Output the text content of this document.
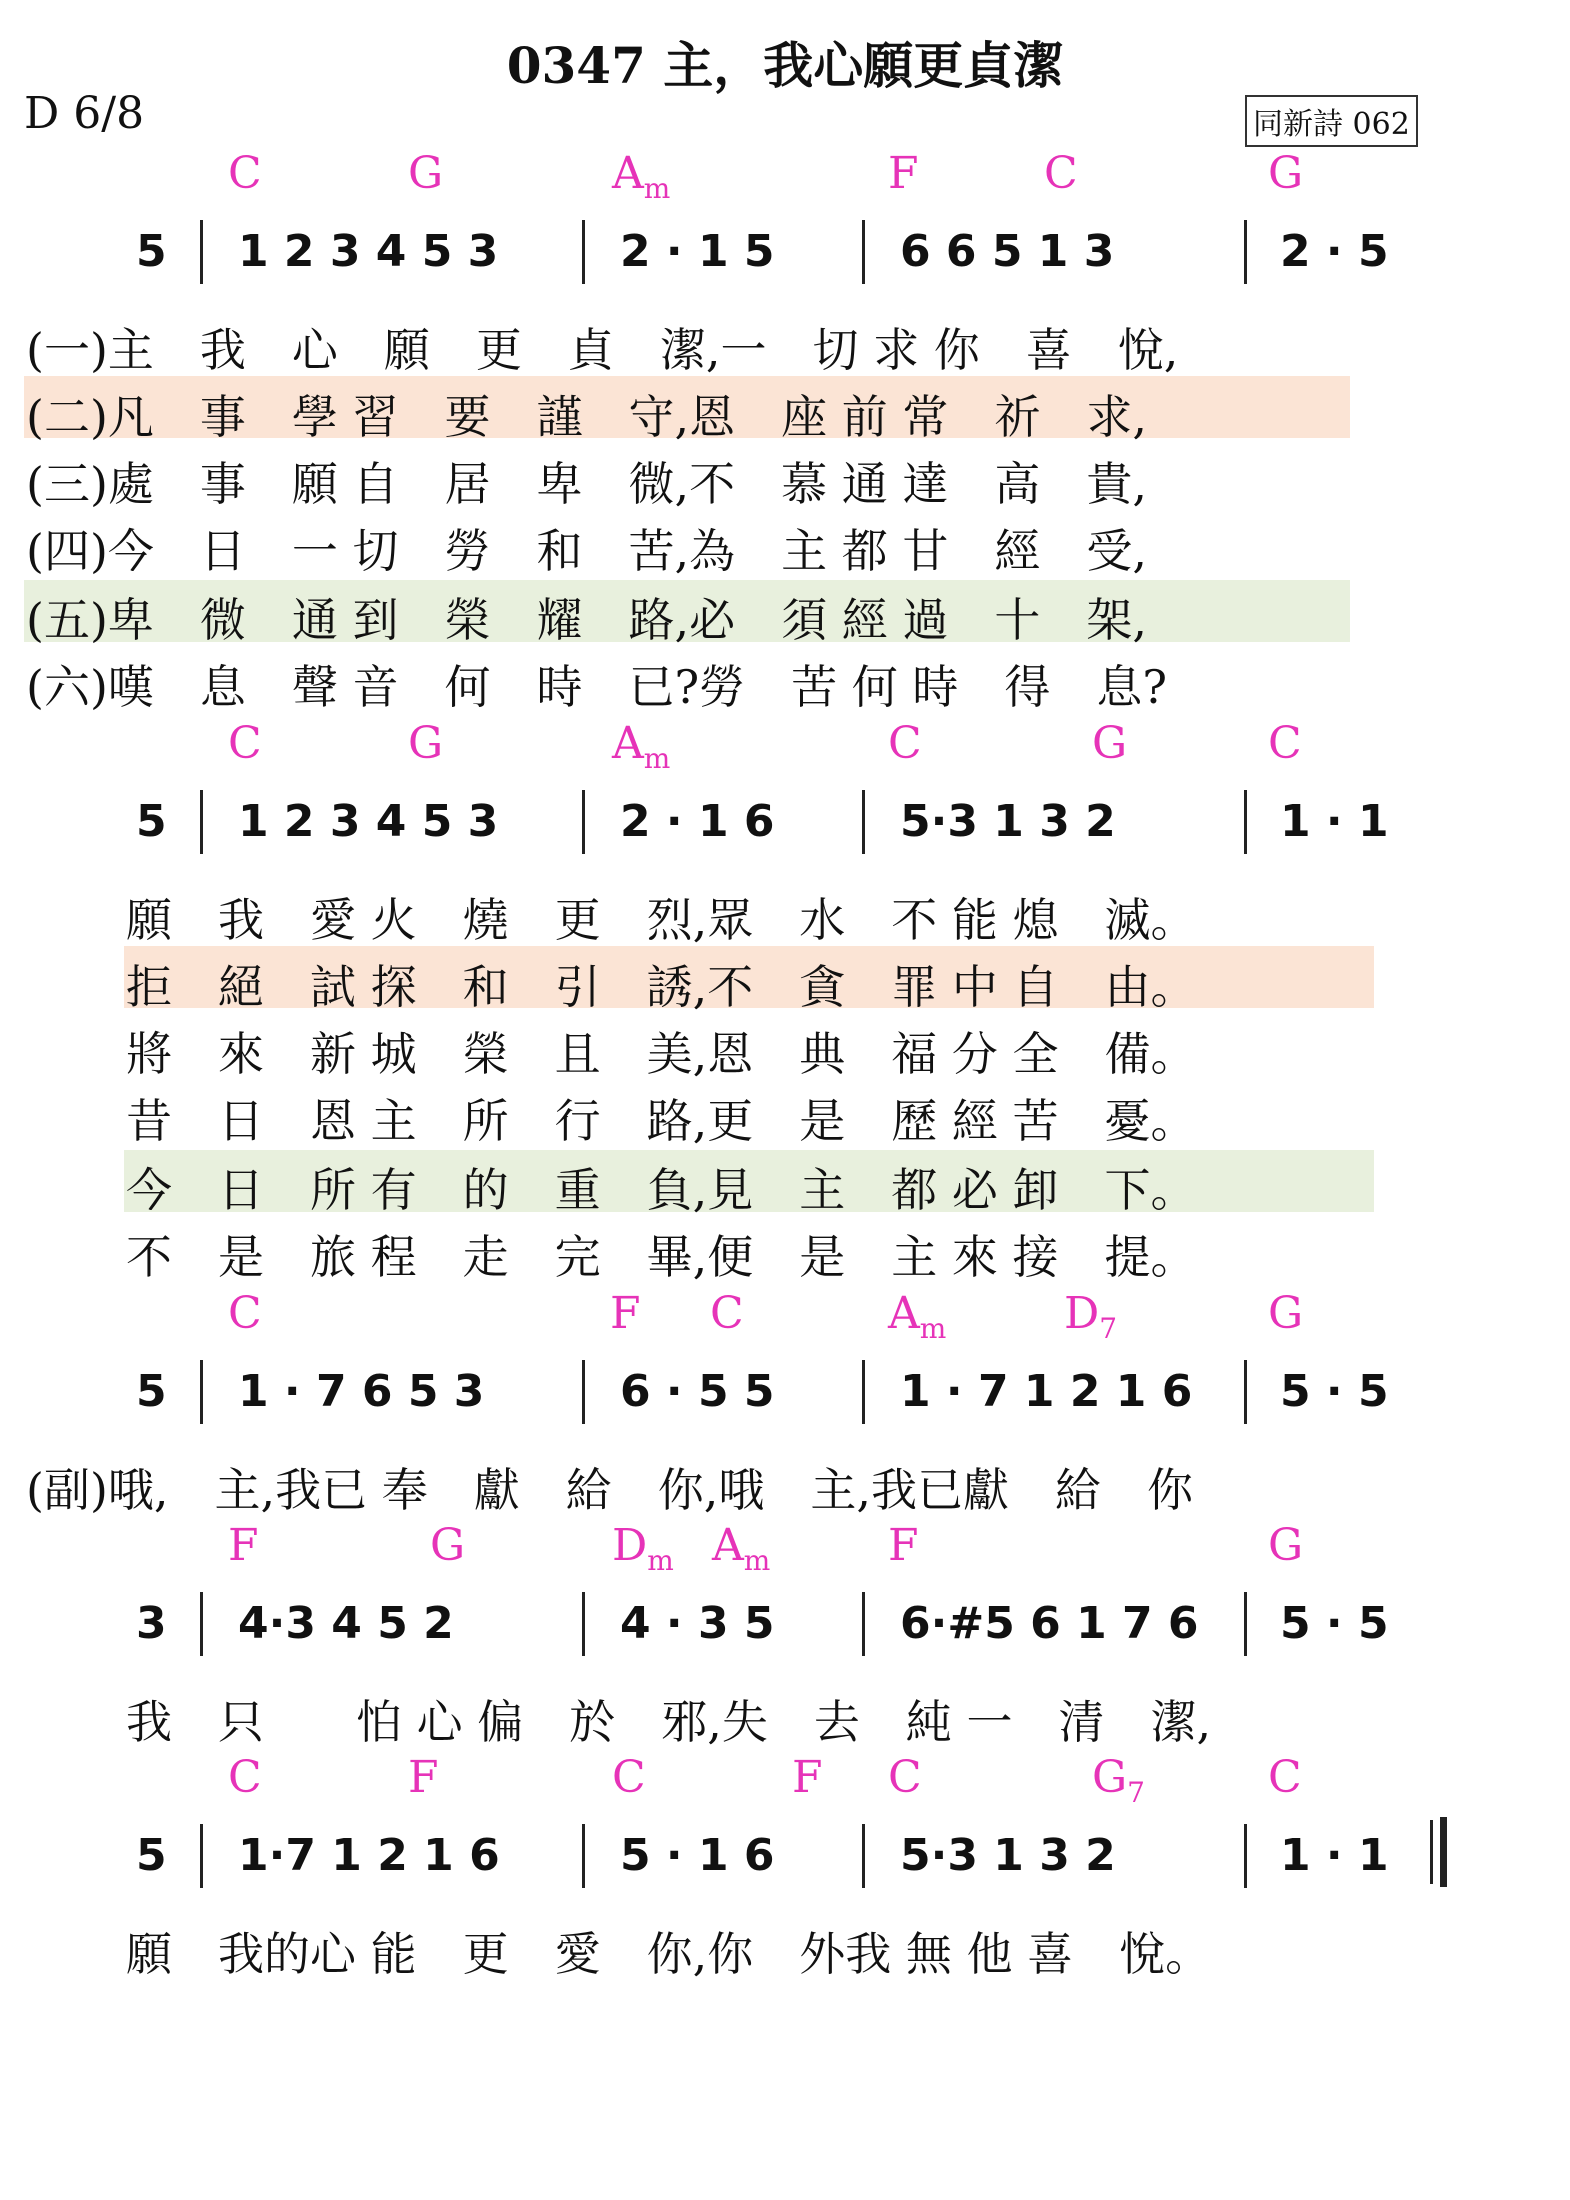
0347 主，我心願更貞潔
D 6/8	同新詩 062
C	G	$A_m$	F	C	G
5 1 2 3 4 5 3	2 · 1 5	6 6 5 1 3	2 · 5
(一)主　我　心　願　更　貞　潔,一　切 求 你　喜　悅,
(二)凡　事　學 習　要　謹　守,恩　座 前 常　祈　求,
(三)處　事　願 自　居　卑　微,不　慕 通 達　高　貴,
(四)今　日　一 切　勞　和　苦,為　主 都 甘　經　受,
(五)卑　微　通 到　榮　耀　路,必　須 經 過　十　架,
(六)嘆　息　聲 音　何　時　已?勞　苦 何 時　得　息?
C	G	$A_m$	C	G	C
5 1 2 3 4 5 3	2 · 1 6	5·3 1 3 2	1 · 1
願　我　愛 火　燒　更　烈,眾　水　不 能 熄　滅。
拒　絕　試 探　和　引　誘,不　貪　罪 中 自　由。
將　來　新 城　榮　且　美,恩　典　福 分 全　備。
昔　日　恩 主　所　行　路,更　是　歷 經 苦　憂。
今　日　所 有　的　重　負,見　主　都 必 卸　下。
不　是　旅 程　走　完　畢,便　是　主 來 接　提。
C	F C	$A_m$	$D_7$	G
5 1 · 7 6 5 3	6 · 5 5	1 · 7 1 2 1 6 5 · 5
(副)哦,　主,我已 奉　獻　給　你,哦　主,我已獻　給　你
F	G	$D_m$ $A_m$	F	G
3 4·3 4 5 2	4 · 3 5	6·#5 6 1 7 6 5 · 5
我　只　　怕 心 偏　於　邪,失　去　純 一　清　潔,
C	F	C	F C	$G_7$	C
5 1·7 1 2 1 6	5 · 1 6	5·3 1 3 2	1 · 1
願　我的心 能　更　愛　你,你　外我 無 他 喜　悅。
